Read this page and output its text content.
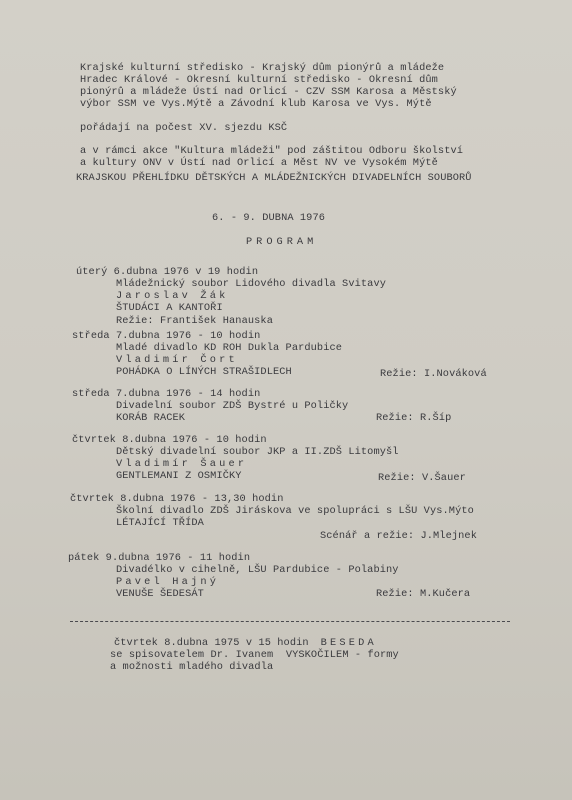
Krajské kulturní středisko - Krajský dům pionýrů a mládeže
Hradec Králové - Okresní kulturní středisko - Okresní dům
pionýrů a mládeže Ústí nad Orlicí - CZV SSM Karosa a Městský
výbor SSM ve Vys.Mýtě a Závodní klub Karosa ve Vys. Mýtě
pořádají na počest XV. sjezdu KSČ
a v rámci akce "Kultura mládeži" pod záštitou Odboru školství
a kultury ONV v Ústí nad Orlicí a Měst NV ve Vysokém Mýtě
KRAJSKOU PŘEHLÍDKU DĚTSKÝCH A MLÁDEŽNICKÝCH DIVADELNÍCH SOUBORŮ
6. - 9. DUBNA 1976
PROGRAM
úterý 6.dubna 1976 v 19 hodin
Mládežnický soubor Lidového divadla Svitavy
Jaroslav Žák
ŠTUDÁCI A KANTOŘI
Režie: František Hanauska
středa 7.dubna 1976 - 10 hodin
Mladé divadlo KD ROH Dukla Pardubice
Vladimír Čort
POHÁDKA O LÍNÝCH STRAŠIDLECH	Režie: I.Nováková
středa 7.dubna 1976 - 14 hodin
Divadelní soubor ZDŠ Bystré u Poličky
KORÁB RACEK	Režie: R.Šíp
čtvrtek 8.dubna 1976 - 10 hodin
Dětský divadelní soubor JKP a II.ZDŠ Litomyšl
Vladimír Šauer
GENTLEMANI Z OSMIČKY	Režie: V.Šauer
čtvrtek 8.dubna 1976 - 13,30 hodin
Školní divadlo ZDŠ Jiráskova ve spolupráci s LŠU Vys.Mýto
LÉTAJÍCÍ TŘÍDA
Scénář a režie: J.Mlejnek
pátek 9.dubna 1976 - 11 hodin
Divadélko v cihelně, LŠU Pardubice - Polabiny
Pavel Hajný
VENUŠE ŠEDESÁT	Režie: M.Kučera
čtvrtek 8.dubna 1975 v 15 hodin BESEDA
se spisovatelem Dr. Ivanem  VYSKOČILEM - formy
a možnosti mladého divadla
